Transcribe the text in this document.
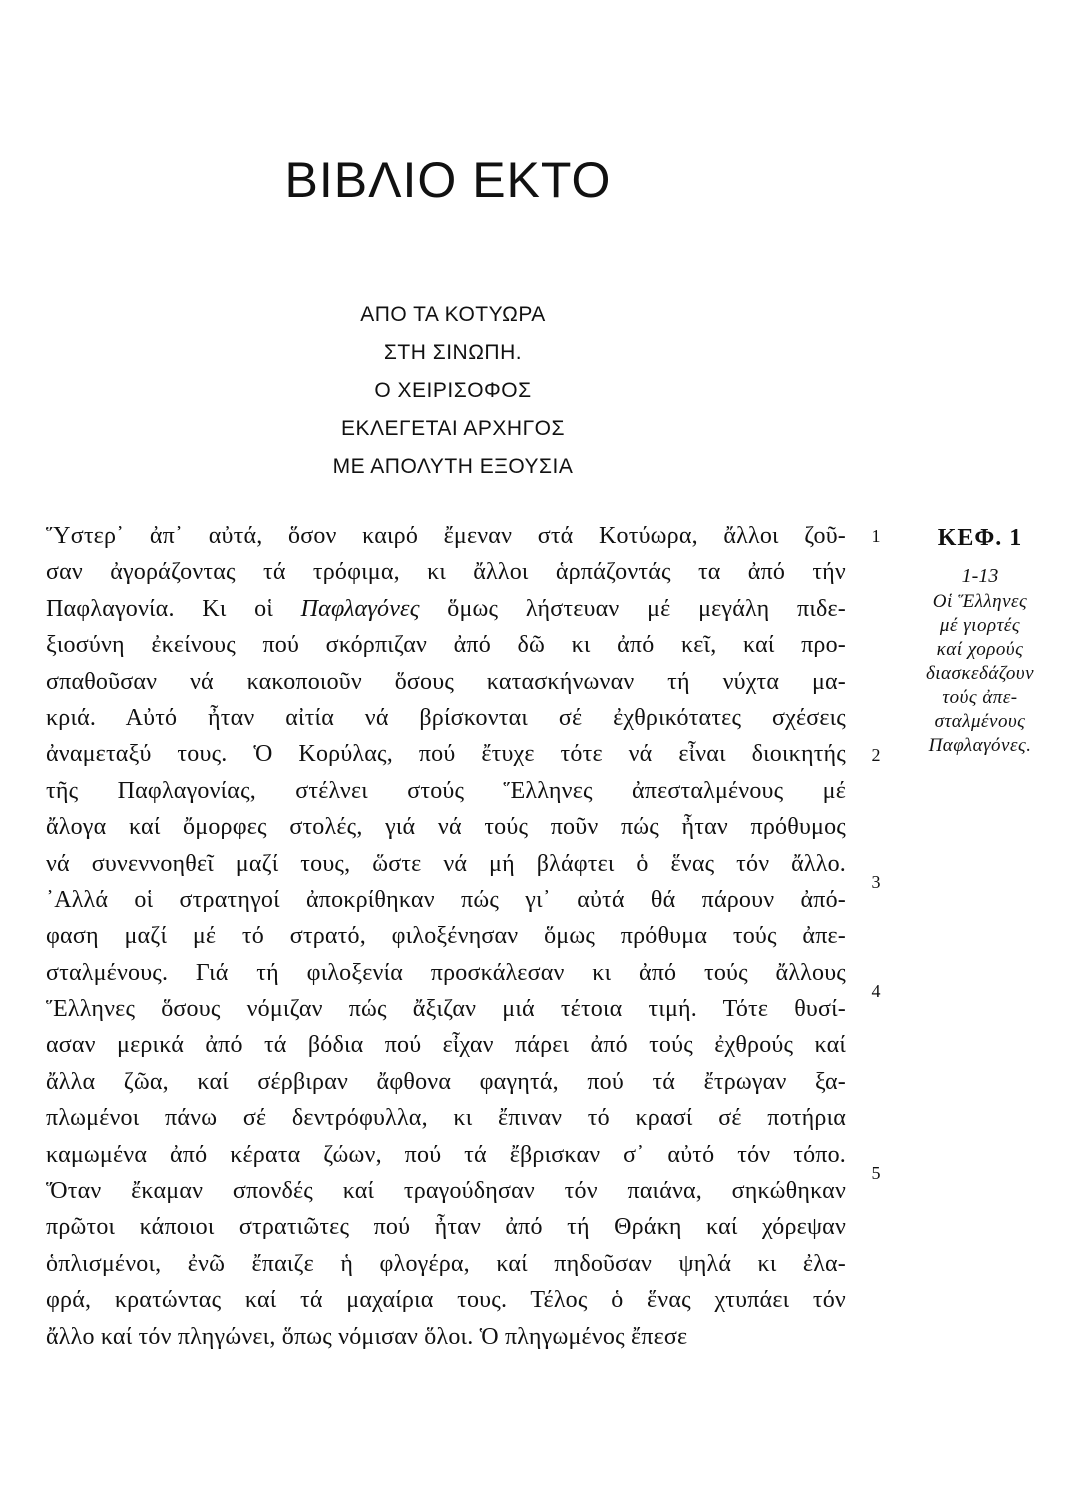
ΒΙΒΛΙΟ ΕΚΤΟ
ΑΠΟ ΤΑ ΚΟΤΥΩΡΑ
ΣΤΗ ΣΙΝΩΠΗ.
Ο ΧΕΙΡΙΣΟΦΟΣ
ΕΚΛΕΓΕΤΑΙ ΑΡΧΗΓΟΣ
ΜΕ ΑΠΟΛΥΤΗ ΕΞΟΥΣΙΑ
Ὕστερ᾽ ἀπ᾽ αὐτά, ὅσον καιρό ἔμεναν στά Κοτύωρα, ἄλλοι ζοῦ-
σαν ἀγοράζοντας τά τρόφιμα, κι ἄλλοι ἁρπάζοντάς τα ἀπό τήν
Παφλαγονία. Κι οἱ Παφλαγόνες ὅμως λήστευαν μέ μεγάλη πιδε-
ξιοσύνη ἐκείνους πού σκόρπιζαν ἀπό δῶ κι ἀπό κεῖ, καί προ-
σπαθοῦσαν νά κακοποιοῦν ὅσους κατασκήνωναν τή νύχτα μα-
κριά. Αὐτό ἦταν αἰτία νά βρίσκονται σέ ἐχθρικότατες σχέσεις
ἀναμεταξύ τους. Ὁ Κορύλας, πού ἔτυχε τότε νά εἶναι διοικητής
τῆς Παφλαγονίας, στέλνει στούς Ἕλληνες ἀπεσταλμένους μέ
ἄλογα καί ὄμορφες στολές, γιά νά τούς ποῦν πώς ἦταν πρόθυμος
νά συνεννοηθεῖ μαζί τους, ὥστε νά μή βλάφτει ὁ ἕνας τόν ἄλλο.
᾽Αλλά οἱ στρατηγοί ἀποκρίθηκαν πώς γι᾽ αὐτά θά πάρουν ἀπό-
φαση μαζί μέ τό στρατό, φιλοξένησαν ὅμως πρόθυμα τούς ἀπε-
σταλμένους. Γιά τή φιλοξενία προσκάλεσαν κι ἀπό τούς ἄλλους
Ἕλληνες ὅσους νόμιζαν πώς ἄξιζαν μιά τέτοια τιμή. Τότε θυσί-
ασαν μερικά ἀπό τά βόδια πού εἶχαν πάρει ἀπό τούς ἐχθρούς καί
ἄλλα ζῶα, καί σέρβιραν ἄφθονα φαγητά, πού τά ἔτρωγαν ξα-
πλωμένοι πάνω σέ δεντρόφυλλα, κι ἔπιναν τό κρασί σέ ποτήρια
καμωμένα ἀπό κέρατα ζώων, πού τά ἔβρισκαν σ᾽ αὐτό τόν τόπο.
Ὅταν ἔκαμαν σπονδές καί τραγούδησαν τόν παιάνα, σηκώθηκαν
πρῶτοι κάποιοι στρατιῶτες πού ἦταν ἀπό τή Θράκη καί χόρεψαν
ὁπλισμένοι, ἐνῶ ἔπαιζε ἡ φλογέρα, καί πηδοῦσαν ψηλά κι ἐλα-
φρά, κρατώντας καί τά μαχαίρια τους. Τέλος ὁ ἕνας χτυπάει τόν
ἄλλο καί τόν πληγώνει, ὅπως νόμισαν ὅλοι. Ὁ πληγωμένος ἔπεσε
1
2
3
4
5
ΚΕΦ. 1
1-13
Οἱ Ἕλληνες
μέ γιορτές
καί χορούς
διασκεδάζουν
τούς ἀπε-
σταλμένους
Παφλαγόνες.
